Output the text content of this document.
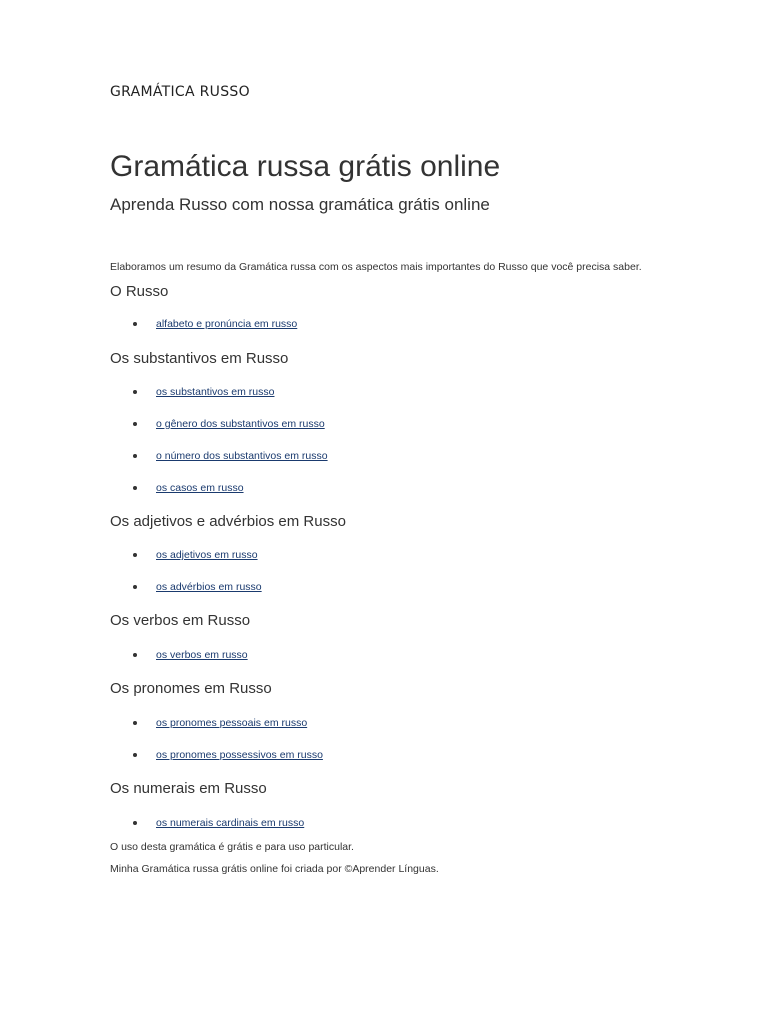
GRAMÁTICA RUSSO
Gramática russa grátis online
Aprenda Russo com nossa gramática grátis online

Elaboramos um resumo da Gramática russa com os aspectos mais importantes do Russo que você precisa saber.

O Russo
alfabeto e pronúncia em russo
Os substantivos em Russo
os substantivos em russo
o gênero dos substantivos em russo
o número dos substantivos em russo
os casos em russo
Os adjetivos e advérbios em Russo
os adjetivos em russo
os advérbios em russo
Os verbos em Russo
os verbos em russo
Os pronomes em Russo
os pronomes pessoais em russo
os pronomes possessivos em russo
Os numerais em Russo
os numerais cardinais em russo

O uso desta gramática é grátis e para uso particular.

Minha Gramática russa grátis online foi criada por ©Aprender Línguas.
